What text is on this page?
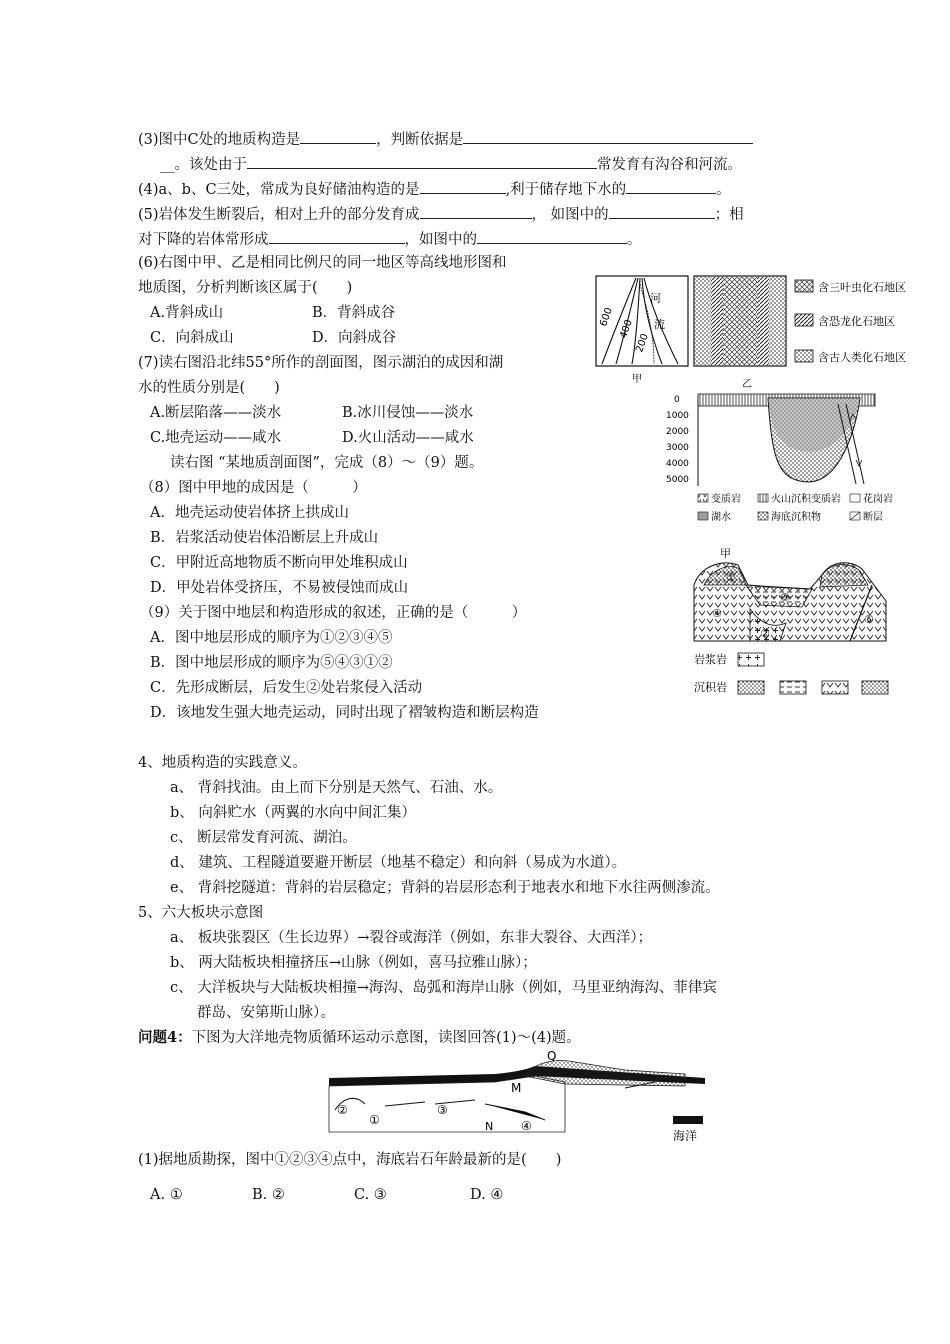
(3)图中C处的地质构造是	，判断依据是
__。该处由于	常发育有沟谷和河流。
(4)a、b、C三处，常成为良好储油构造的是	,利于储存地下水的	。
(5)岩体发生断裂后，相对上升的部分发育成	， 如图中的	；相
对下降的岩体常形成	，如图中的	。
(6)右图中甲、乙是相同比例尺的同一地区等高线地形图和
地质图，分析判断该区属于(　　)
A.背斜成山	B．背斜成谷
C．向斜成山	D．向斜成谷
(7)读右图沿北纬55°所作的剖面图，图示湖泊的成因和湖
水的性质分别是(　　)
A.断层陷落——淡水	B.冰川侵蚀——淡水
C.地壳运动——咸水	D.火山活动——咸水
读右图 “某地质剖面图”，完成（8）～（9）题。
（8）图中甲地的成因是（　　　）
A．地壳运动使岩体挤上拱成山
B．岩浆活动使岩体沿断层上升成山
C．甲附近高地物质不断向甲处堆积成山
D．甲处岩体受挤压，不易被侵蚀而成山
（9）关于图中地层和构造形成的叙述，正确的是（　　　）
A．图中地层形成的顺序为①②③④⑤
B．图中地层形成的顺序为⑤④③①②
C．先形成断层，后发生②处岩浆侵入活动
D．该地发生强大地壳运动，同时出现了褶皱构造和断层构造
4、地质构造的实践意义。
a、 背斜找油。由上而下分别是天然气、石油、水。
b、 向斜贮水（两翼的水向中间汇集）
c、 断层常发育河流、湖泊。
d、 建筑、工程隧道要避开断层（地基不稳定）和向斜（易成为水道）。
e、 背斜挖隧道：背斜的岩层稳定；背斜的岩层形态利于地表水和地下水往两侧渗流。
5、六大板块示意图
a、 板块张裂区（生长边界）→裂谷或海洋（例如，东非大裂谷、大西洋）；
b、 两大陆板块相撞挤压→山脉（例如，喜马拉雅山脉）；
c、 大洋板块与大陆板块相撞→海沟、岛弧和海岸山脉（例如，马里亚纳海沟、菲律宾
群岛、安第斯山脉）。
问题4：下图为大洋地壳物质循环运动示意图，读图回答(1)～(4)题。
(1)据地质勘探，图中①②③④点中，海底岩石年龄最新的是(　　)
A. ①	B. ②	C. ③	D. ④
600
400
200
河
流
甲	乙
含三叶虫化石地区
含恐龙化石地区
含古人类化石地区
0
1000
2000
3000
4000
5000
变质岩	火山沉积变质岩 花岗岩
湖水	海底沉积物	断层
甲
①
②
③
④	⑤
岩浆岩
沉积岩
②
①
③
④
M
N
Q
海洋
